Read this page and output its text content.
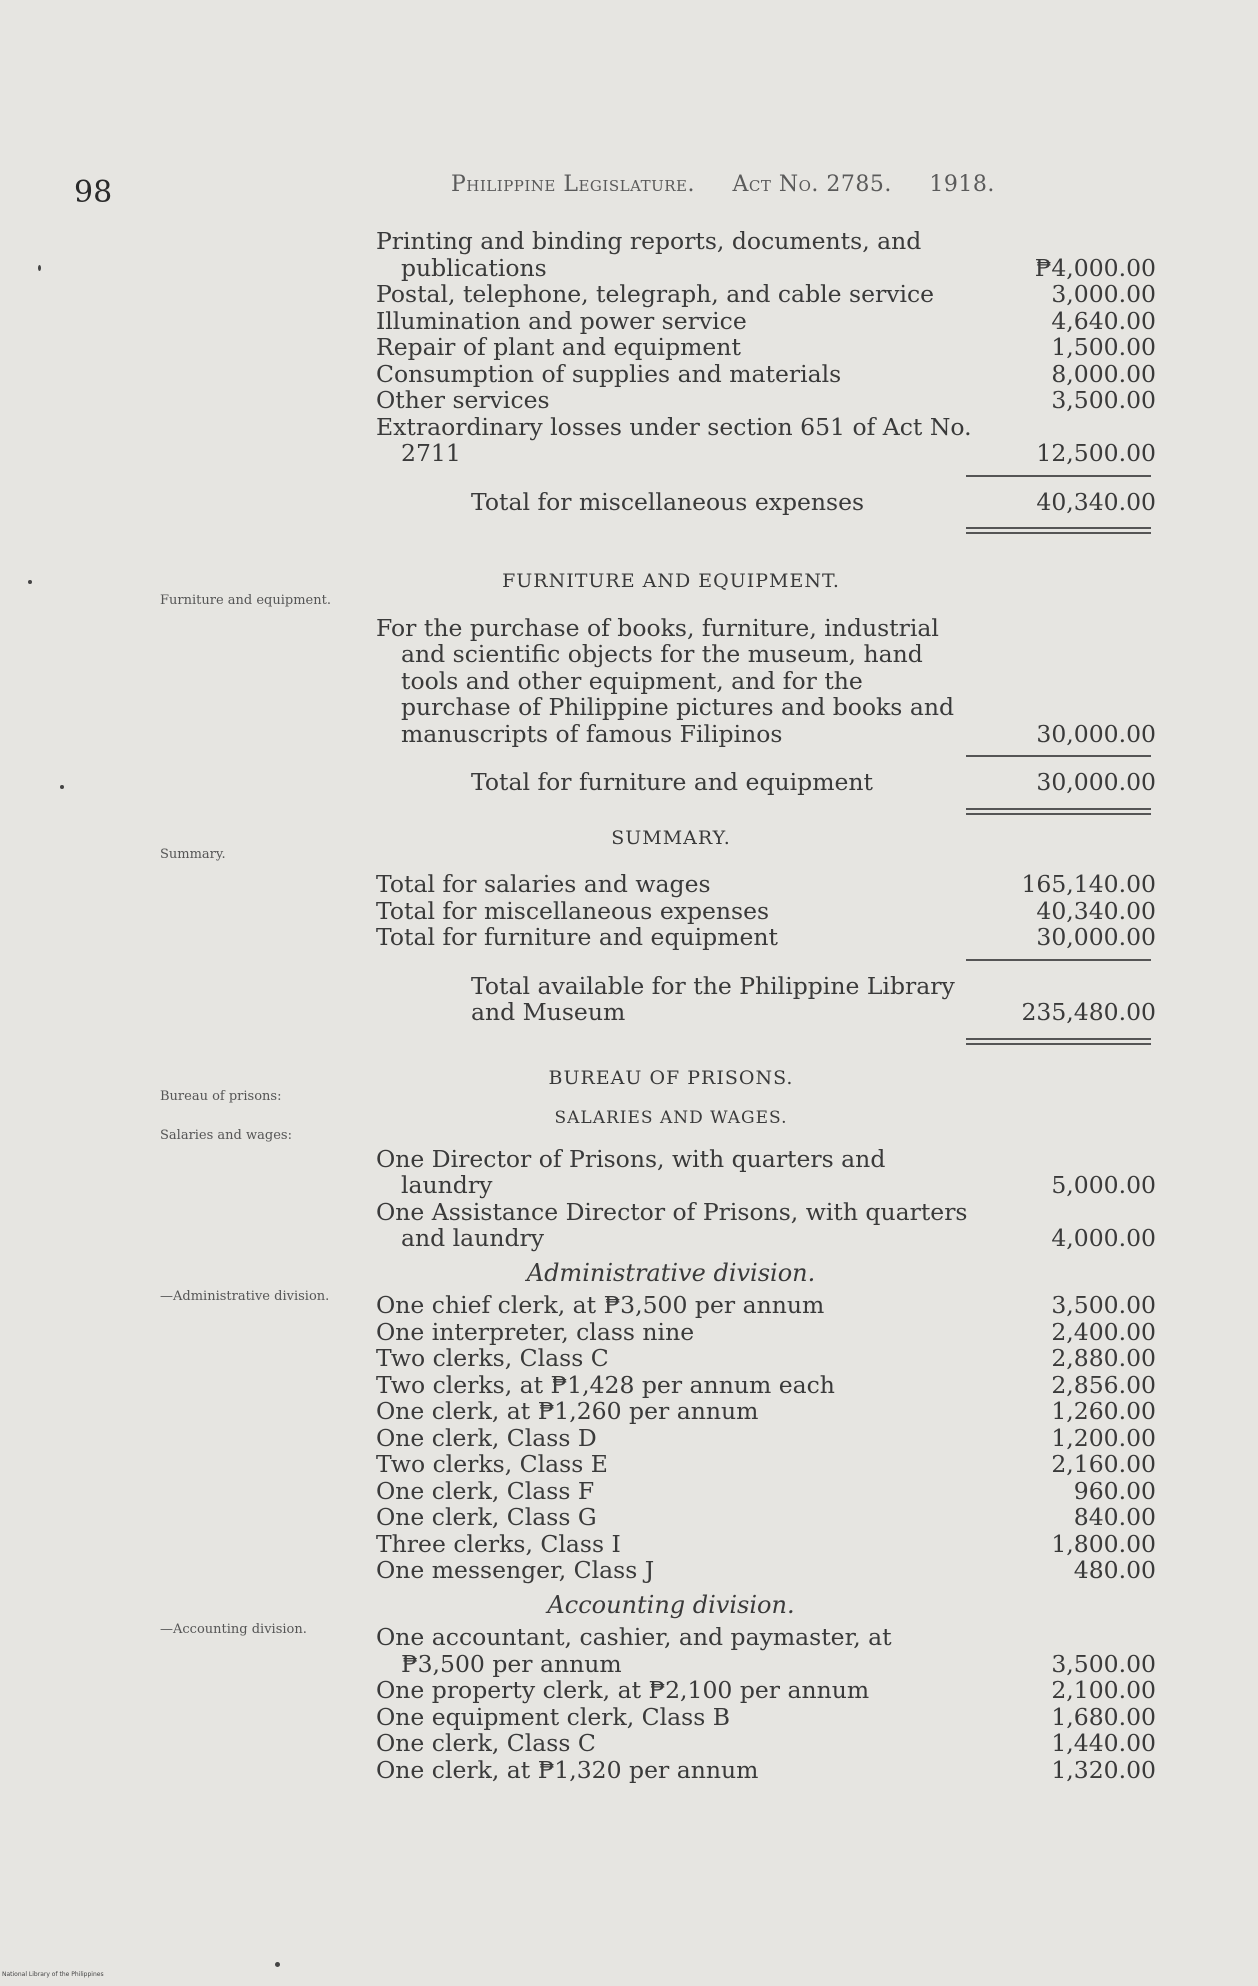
98	Philippine Legislature. Act No. 2785. 1918.
Furniture and equipment.
Summary.
Bureau of prisons:
Salaries and wages:
—Administrative division.
—Accounting division.
Printing and binding reports, documents, and publications	₱4,000.00
Postal, telephone, telegraph, and cable service	3,000.00
Illumination and power service	4,640.00
Repair of plant and equipment	1,500.00
Consumption of supplies and materials	8,000.00
Other services	3,500.00
Extraordinary losses under section 651 of Act No. 2711	12,500.00
Total for miscellaneous expenses	40,340.00
FURNITURE AND EQUIPMENT.
For the purchase of books, furniture, industrial and scientific objects for the museum, hand tools and other equipment, and for the purchase of Philippine pictures and books and manuscripts of famous Filipinos	30,000.00
Total for furniture and equipment	30,000.00
SUMMARY.
Total for salaries and wages	165,140.00
Total for miscellaneous expenses	40,340.00
Total for furniture and equipment	30,000.00
Total available for the Philippine Library and Museum	235,480.00
BUREAU OF PRISONS.
SALARIES AND WAGES.
One Director of Prisons, with quarters and laundry	5,000.00
One Assistance Director of Prisons, with quarters and laundry	4,000.00
Administrative division.
One chief clerk, at ₱3,500 per annum	3,500.00
One interpreter, class nine	2,400.00
Two clerks, Class C	2,880.00
Two clerks, at ₱1,428 per annum each	2,856.00
One clerk, at ₱1,260 per annum	1,260.00
One clerk, Class D	1,200.00
Two clerks, Class E	2,160.00
One clerk, Class F	960.00
One clerk, Class G	840.00
Three clerks, Class I	1,800.00
One messenger, Class J	480.00
Accounting division.
One accountant, cashier, and paymaster, at ₱3,500 per annum	3,500.00
One property clerk, at ₱2,100 per annum	2,100.00
One equipment clerk, Class B	1,680.00
One clerk, Class C	1,440.00
One clerk, at ₱1,320 per annum	1,320.00
National Library of the Philippines
